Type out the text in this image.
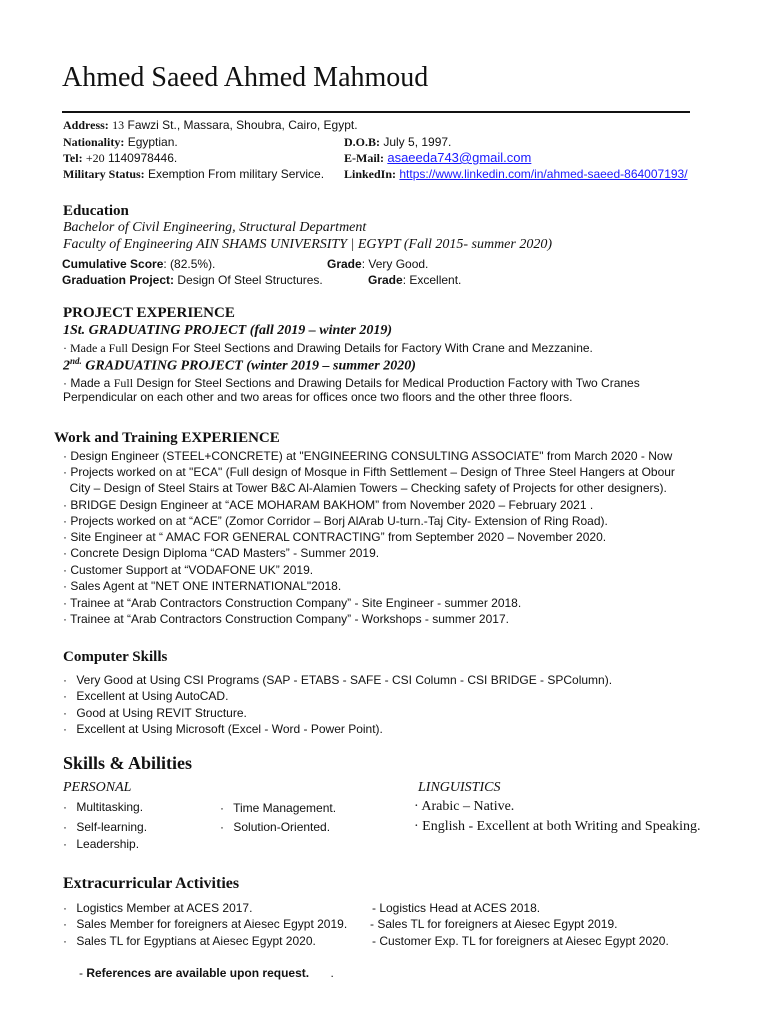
Ahmed Saeed Ahmed Mahmoud
Address: 13 Fawzi St., Massara, Shoubra, Cairo, Egypt.
Nationality: Egyptian.	D.O.B: July 5, 1997.
Tel: +20 1140978446.	E-Mail: asaeeda743@gmail.com
Military Status: Exemption From military Service. LinkedIn: https://www.linkedin.com/in/ahmed-saeed-864007193/
Education
Bachelor of Civil Engineering, Structural Department
Faculty of Engineering AIN SHAMS UNIVERSITY | EGYPT (Fall 2015- summer 2020)
Cumulative Score: (82.5%).	Grade: Very Good.
Graduation Project: Design Of Steel Structures.	Grade: Excellent.
PROJECT EXPERIENCE
1St. GRADUATING PROJECT (fall 2019 – winter 2019)
· Made a Full Design For Steel Sections and Drawing Details for Factory With Crane and Mezzanine.
$2^{nd.}$ GRADUATING PROJECT (winter 2019 – summer 2020)
· Made a Full Design for Steel Sections and Drawing Details for Medical Production Factory with Two Cranes
Perpendicular on each other and two areas for offices once two floors and the other three floors.
Work and Training EXPERIENCE
· Design Engineer (STEEL+CONCRETE) at "ENGINEERING CONSULTING ASSOCIATE" from March 2020 - Now
· Projects worked on at "ECA" (Full design of Mosque in Fifth Settlement – Design of Three Steel Hangers at Obour
City – Design of Steel Stairs at Tower B&C Al-Alamien Towers – Checking safety of Projects for other designers).
· BRIDGE Design Engineer at “ACE MOHARAM BAKHOM” from November 2020 – February 2021 .
· Projects worked on at “ACE” (Zomor Corridor – Borj AlArab U-turn.-Taj City- Extension of Ring Road).
· Site Engineer at “ AMAC FOR GENERAL CONTRACTING” from September 2020 – November 2020.
· Concrete Design Diploma “CAD Masters” - Summer 2019.
· Customer Support at “VODAFONE UK” 2019.
· Sales Agent at "NET ONE INTERNATIONAL"2018.
· Trainee at “Arab Contractors Construction Company” - Site Engineer - summer 2018.
· Trainee at “Arab Contractors Construction Company” - Workshops - summer 2017.
Computer Skills
· Very Good at Using CSI Programs (SAP - ETABS - SAFE - CSI Column - CSI BRIDGE - SPColumn).
· Excellent at Using AutoCAD.
· Good at Using REVIT Structure.
· Excellent at Using Microsoft (Excel - Word - Power Point).
Skills & Abilities
PERSONAL	LINGUISTICS
· Multitasking.
· Self-learning.
· Leadership.
· Time Management.
· Solution-Oriented.
· Arabic – Native.
· English - Excellent at both Writing and Speaking.
Extracurricular Activities
· Logistics Member at ACES 2017.
· Sales Member for foreigners at Aiesec Egypt 2019.
· Sales TL for Egyptians at Aiesec Egypt 2020.
- Logistics Head at ACES 2018.
- Sales TL for foreigners at Aiesec Egypt 2019.
- Customer Exp. TL for foreigners at Aiesec Egypt 2020.
- References are available upon request. .
